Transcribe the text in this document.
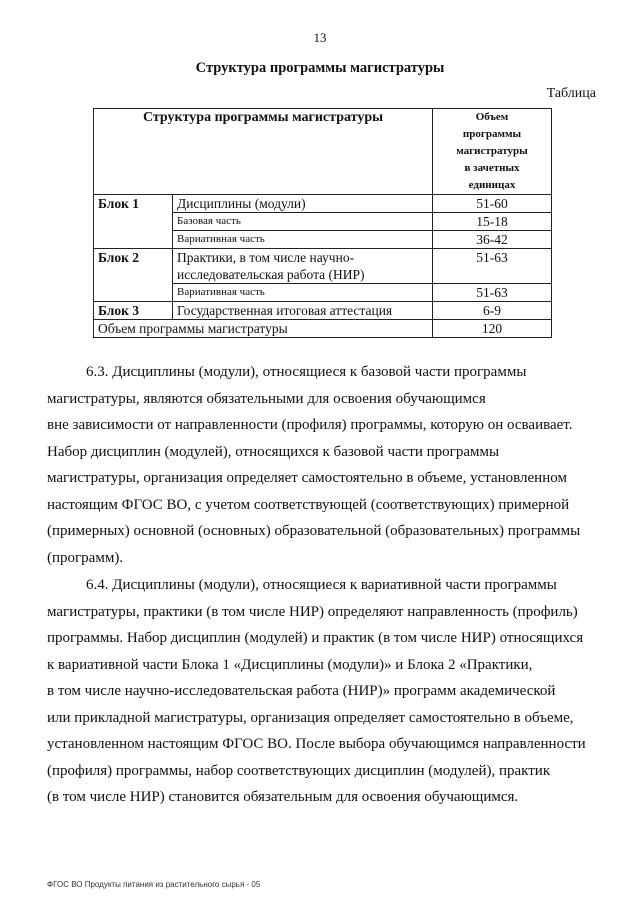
13
Структура программы магистратуры
Таблица
Структура программы магистратуры		Объем
программы
магистратуры
в зачетных
единицах

Блок 1	Дисциплины (модули)	51-60
	Базовая часть	15-18
	Вариативная часть	36-42
Блок 2	Практики, в том числе научно-исследовательская работа (НИР)	51-63
	Вариативная часть	51-63
Блок 3	Государственная итоговая аттестация	6-9
Объем программы магистратуры		120
6.3. Дисциплины (модули), относящиеся к базовой части программы
магистратуры, являются обязательными для освоения обучающимся
вне зависимости от направленности (профиля) программы, которую он осваивает.
Набор дисциплин (модулей), относящихся к базовой части программы
магистратуры, организация определяет самостоятельно в объеме, установленном
настоящим ФГОС ВО, с учетом соответствующей (соответствующих) примерной
(примерных) основной (основных) образовательной (образовательных) программы
(программ).
6.4. Дисциплины (модули), относящиеся к вариативной части программы
магистратуры, практики (в том числе НИР) определяют направленность (профиль)
программы. Набор дисциплин (модулей) и практик (в том числе НИР) относящихся
к вариативной части Блока 1 «Дисциплины (модули)» и Блока 2 «Практики,
в том числе научно-исследовательская работа (НИР)» программ академической
или прикладной магистратуры, организация определяет самостоятельно в объеме,
установленном настоящим ФГОС ВО. После выбора обучающимся направленности
(профиля) программы, набор соответствующих дисциплин (модулей), практик
(в том числе НИР) становится обязательным для освоения обучающимся.
ФГОС ВО Продукты питания из растительного сырья - 05
